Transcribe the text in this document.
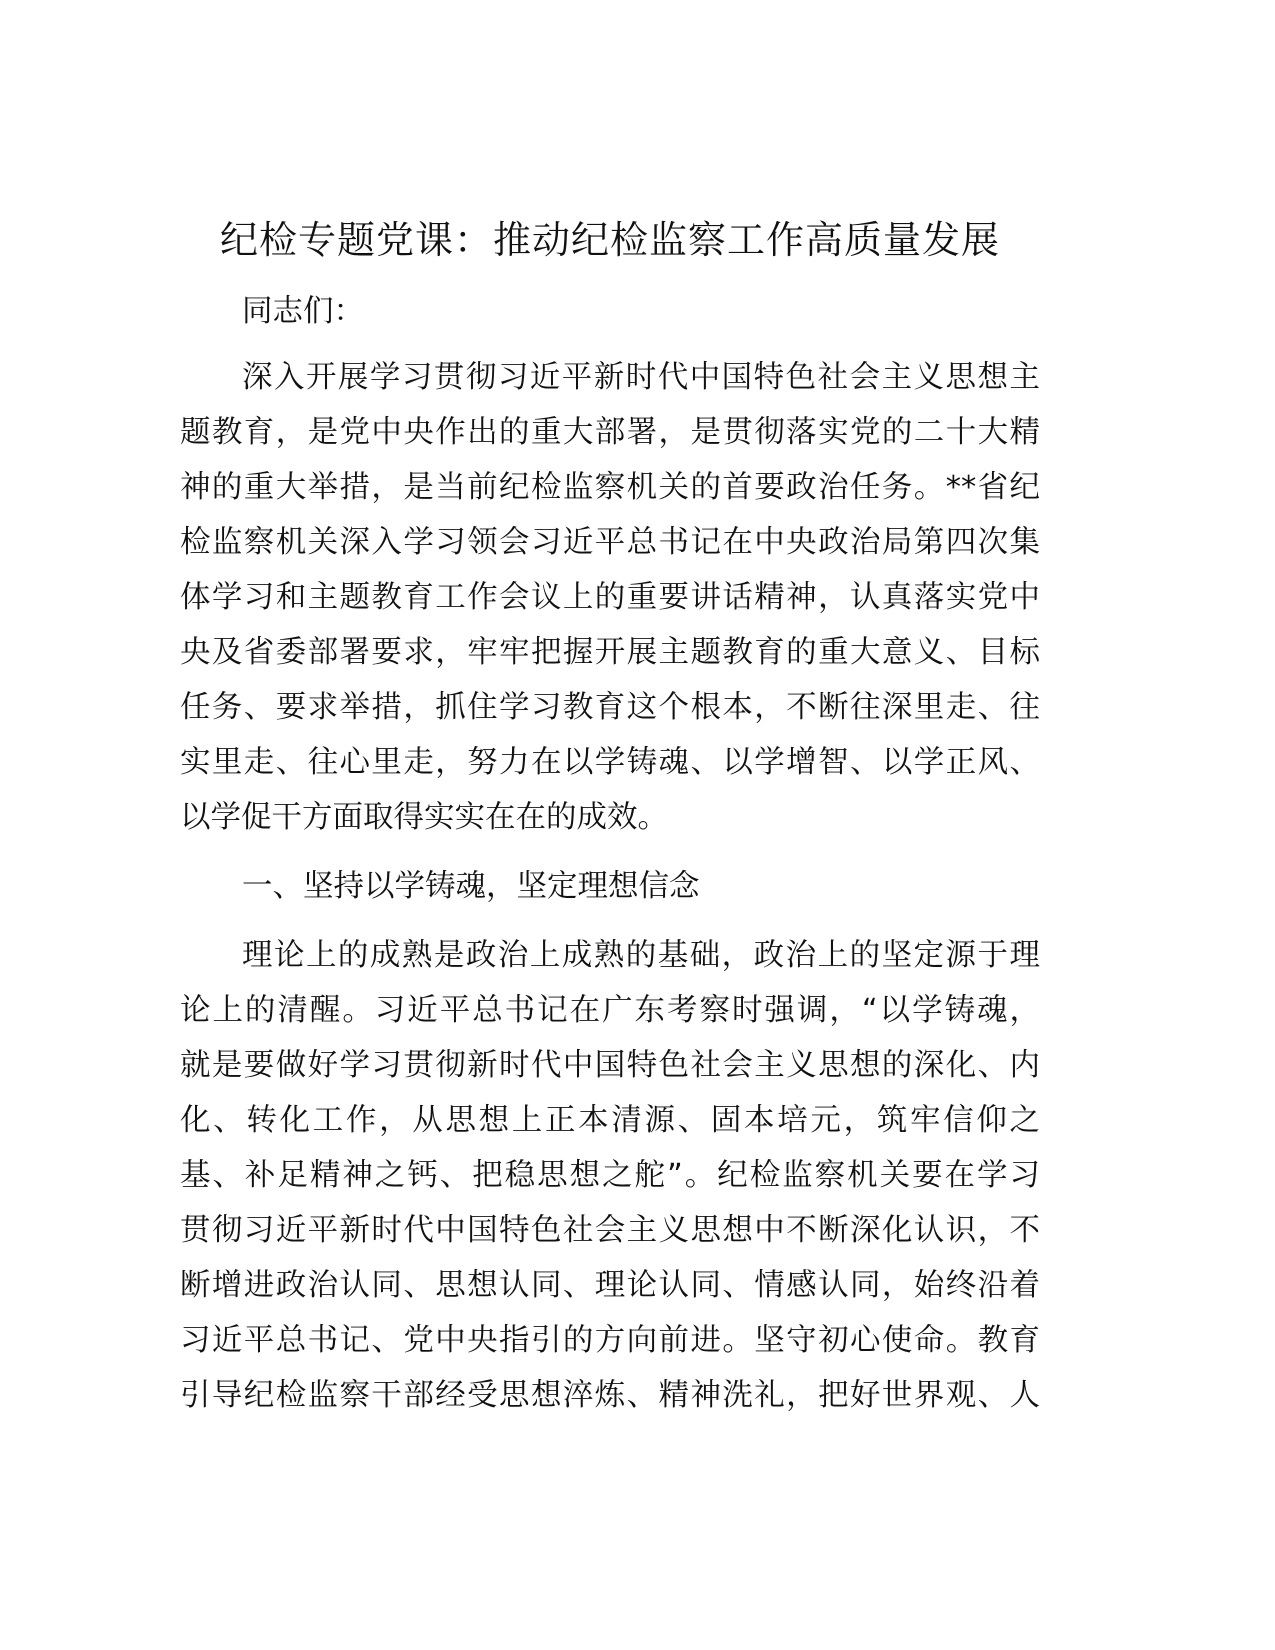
纪检专题党课：推动纪检监察工作高质量发展
同志们：
深入开展学习贯彻习近平新时代中国特色社会主义思想主
题教育，是党中央作出的重大部署，是贯彻落实党的二十大精
神的重大举措，是当前纪检监察机关的首要政治任务。**省纪
检监察机关深入学习领会习近平总书记在中央政治局第四次集
体学习和主题教育工作会议上的重要讲话精神，认真落实党中
央及省委部署要求，牢牢把握开展主题教育的重大意义、目标
任务、要求举措，抓住学习教育这个根本，不断往深里走、往
实里走、往心里走，努力在以学铸魂、以学增智、以学正风、
以学促干方面取得实实在在的成效。
一、坚持以学铸魂，坚定理想信念
理论上的成熟是政治上成熟的基础，政治上的坚定源于理
论上的清醒。习近平总书记在广东考察时强调，“以学铸魂，
就是要做好学习贯彻新时代中国特色社会主义思想的深化、内
化、转化工作，从思想上正本清源、固本培元，筑牢信仰之
基、补足精神之钙、把稳思想之舵”。纪检监察机关要在学习
贯彻习近平新时代中国特色社会主义思想中不断深化认识，不
断增进政治认同、思想认同、理论认同、情感认同，始终沿着
习近平总书记、党中央指引的方向前进。坚守初心使命。教育
引导纪检监察干部经受思想淬炼、精神洗礼，把好世界观、人
